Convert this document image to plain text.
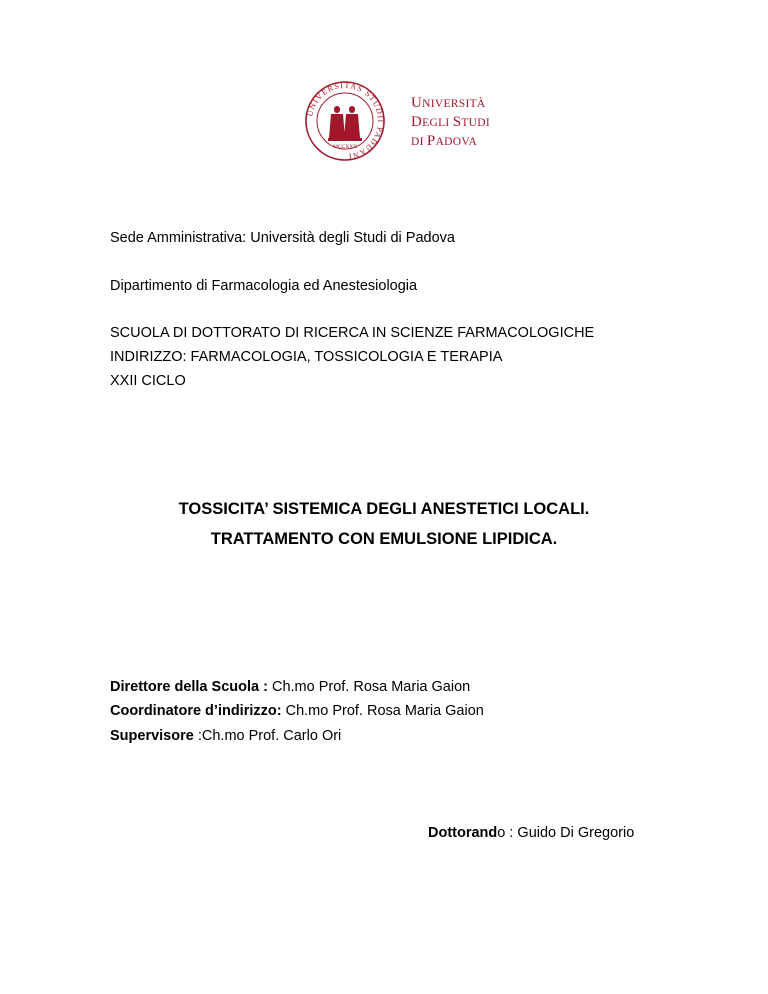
UNIVERSITAS STUDII PADUANI
MCCXXII
UNIVERSITÀ
DEGLI STUDI
DI PADOVA
Sede Amministrativa: Università degli Studi di Padova
Dipartimento di Farmacologia ed Anestesiologia
SCUOLA DI DOTTORATO DI RICERCA IN SCIENZE FARMACOLOGICHE
INDIRIZZO: FARMACOLOGIA, TOSSICOLOGIA E TERAPIA
XXII CICLO
TOSSICITA’ SISTEMICA DEGLI ANESTETICI LOCALI.
TRATTAMENTO CON EMULSIONE LIPIDICA.
Direttore della Scuola : Ch.mo Prof. Rosa Maria Gaion
Coordinatore d’indirizzo: Ch.mo Prof. Rosa Maria Gaion
Supervisore :Ch.mo Prof. Carlo Ori
Dottorando : Guido Di Gregorio
